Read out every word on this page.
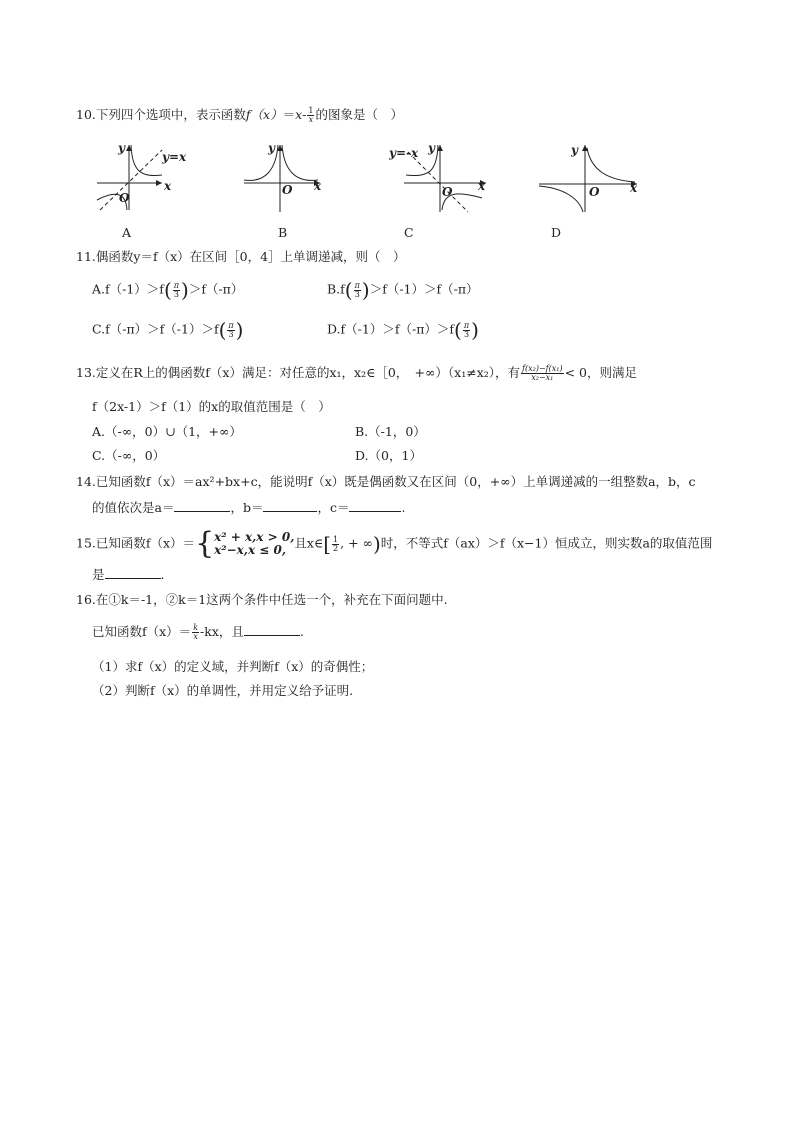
10.下列四个选项中，表示函数$f(x)=x- \frac{1}{x}$ 的图象是（　）
y
y=x
x
O
y
x
O
y=-x y
x
O
y
x
O
A	B	C	D
11.偶函数y＝f（x）在区间［0，4］上单调递减，则（　）
$A.f(-1)>f( \frac{\pi}{3} )>f(-\pi)$	$B.f( \frac{\pi}{3} )>f(-1)>f(-\pi)$
$C.f(-\pi)>f(-1)>f( \frac{\pi}{3}$ )	$D.f(-1)>f(-\pi)>f( \frac{\pi}{3}$ )
13.定义在R上的偶函数f（x）满足：对任意的x₁，x₂∈［0，　+∞）（x₁≠x₂），有 $\frac{\text{f(x₂)−f(x₁)}}{\text{x₂−x₁}} < 0$，则满足
f（2x-1）＞f（1）的x的取值范围是（　）
A.（-∞，0）∪（1，+∞）	B.（-1，0）
C.（-∞，0）	D.（0，1）
14.已知函数f（x）＝ax²+bx+c，能说明f（x）既是偶函数又在区间（0，+∞）上单调递减的一组整数a，b，c
的值依次是a＝	，b＝	，c＝	.
15.已知函数f（x）＝{ x² + x,x > 0,
x²−x,x ≤ 0, 且x∈[ $\frac{1}{2}$ , + ∞)时，不等式f（ax）＞f（x−1）恒成立，则实数a的取值范围
是	.
16.在①k＝-1，②k＝1这两个条件中任选一个，补充在下面问题中.
已知函数$f(x)= \frac{k}{x} -kx$，且	.
（1）求f（x）的定义域，并判断f（x）的奇偶性；
（2）判断f（x）的单调性，并用定义给予证明.
